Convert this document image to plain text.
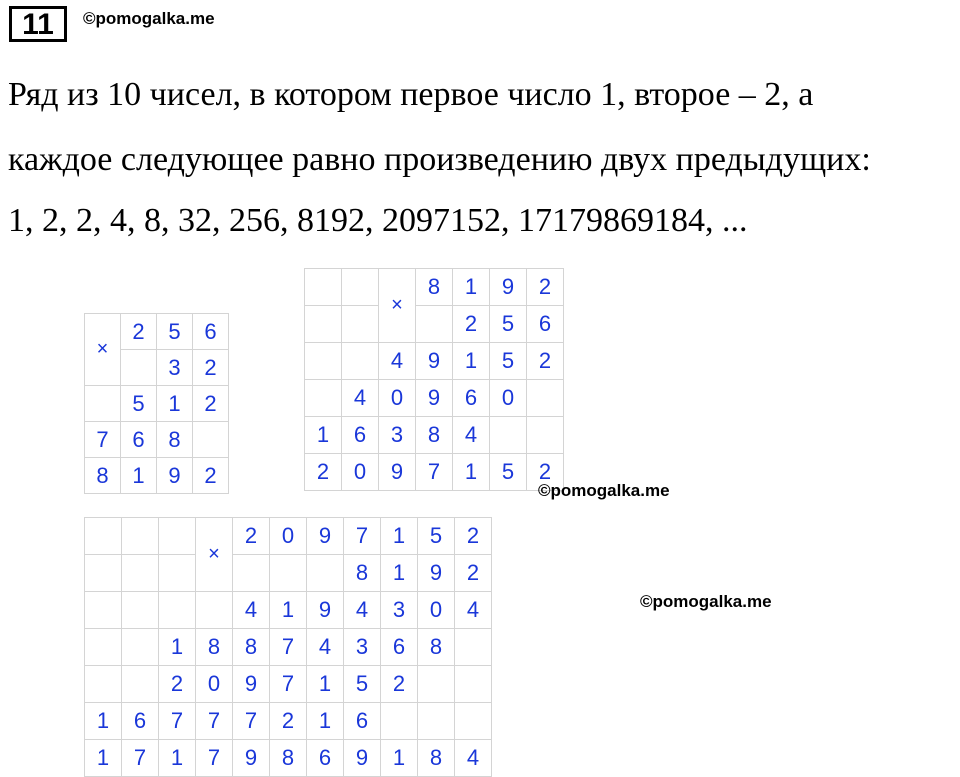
11	©pomogalka.me
Ряд из 10 чисел, в котором первое число 1, второе – 2, а
каждое следующее равно произведению двух предыдущих:
1, 2, 2, 4, 8, 32, 256, 8192, 2097152, 17179869184, ...
×	2	5	6
		3	2
	5	1	2
7	6	8	
8	1	9	2
		×	8	1	9	2
				2	5	6
		4	9	1	5	2
	4	0	9	6	0	
1	6	3	8	4		
2	0	9	7	1	5	2
			×	2	0	9	7	1	5	2
							8	1	9	2
				4	1	9	4	3	0	4
		1	8	8	7	4	3	6	8	
		2	0	9	7	1	5	2		
1	6	7	7	7	2	1	6			
1	7	1	7	9	8	6	9	1	8	4
©pomogalka.me
©pomogalka.me
